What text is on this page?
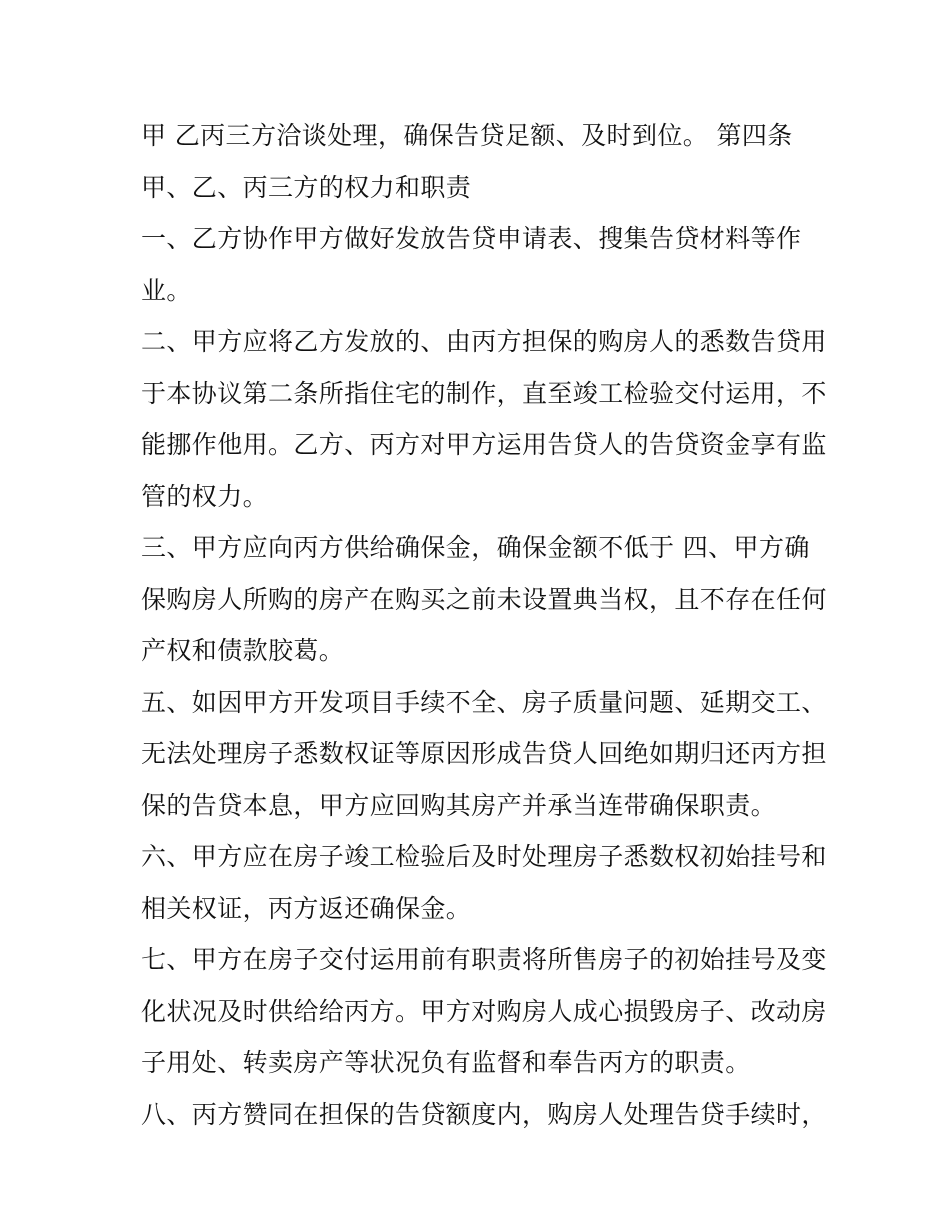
甲 乙丙三方洽谈处理，确保告贷足额、及时到位。 第四条
甲、乙、丙三方的权力和职责
一、乙方协作甲方做好发放告贷申请表、搜集告贷材料等作
业。
二、甲方应将乙方发放的、由丙方担保的购房人的悉数告贷用
于本协议第二条所指住宅的制作，直至竣工检验交付运用，不
能挪作他用。乙方、丙方对甲方运用告贷人的告贷资金享有监
管的权力。
三、甲方应向丙方供给确保金，确保金额不低于 四、甲方确
保购房人所购的房产在购买之前未设置典当权，且不存在任何
产权和债款胶葛。
五、如因甲方开发项目手续不全、房子质量问题、延期交工、
无法处理房子悉数权证等原因形成告贷人回绝如期归还丙方担
保的告贷本息，甲方应回购其房产并承当连带确保职责。
六、甲方应在房子竣工检验后及时处理房子悉数权初始挂号和
相关权证，丙方返还确保金。
七、甲方在房子交付运用前有职责将所售房子的初始挂号及变
化状况及时供给给丙方。甲方对购房人成心损毁房子、改动房
子用处、转卖房产等状况负有监督和奉告丙方的职责。
八、丙方赞同在担保的告贷额度内，购房人处理告贷手续时，
